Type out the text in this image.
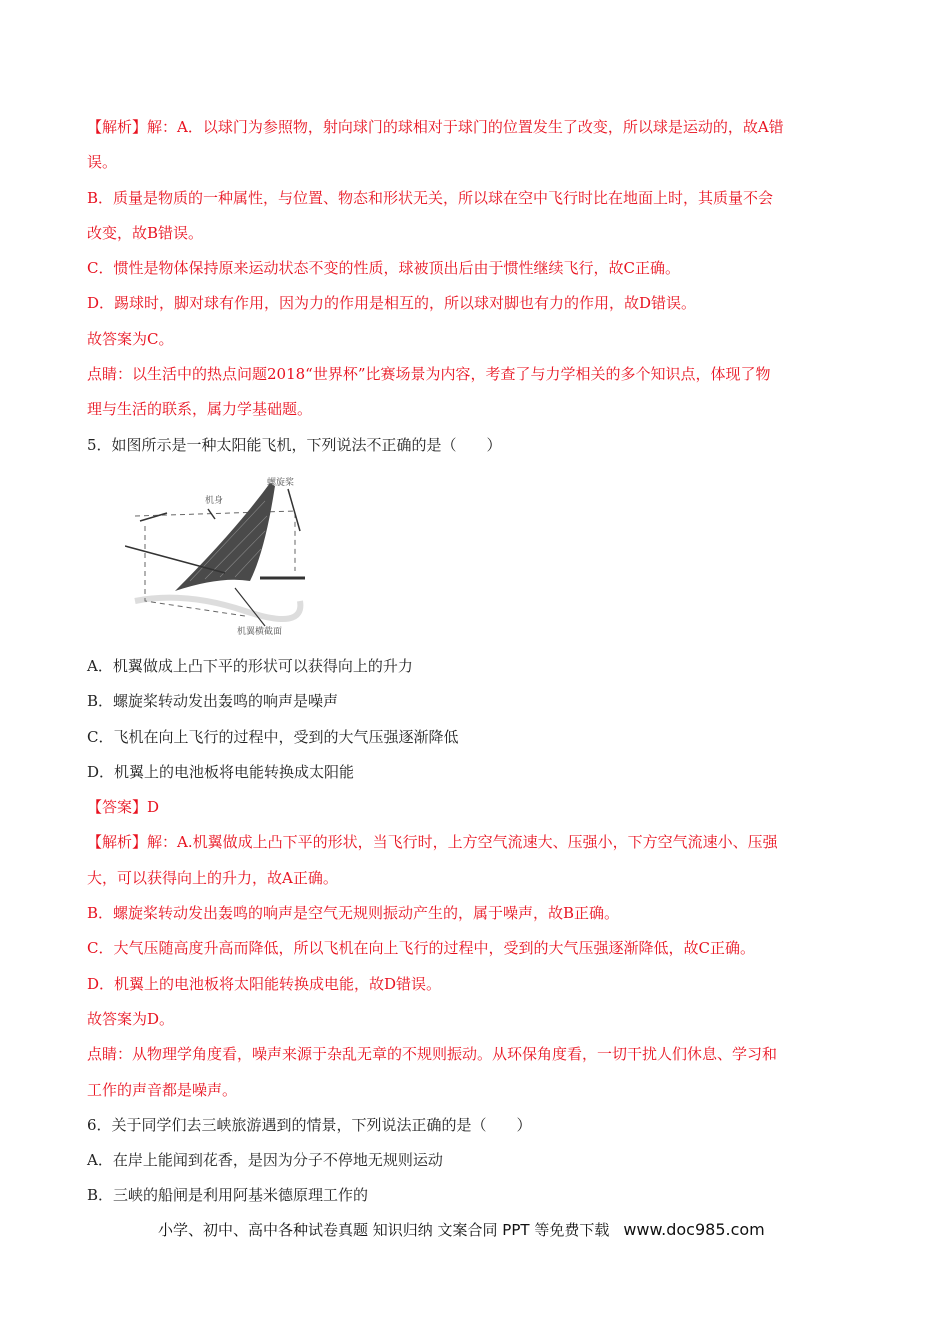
【解析】解：A．以球门为参照物，射向球门的球相对于球门的位置发生了改变，所以球是运动的，故A错
误。
B．质量是物质的一种属性，与位置、物态和形状无关，所以球在空中飞行时比在地面上时，其质量不会
改变，故B错误。
C．惯性是物体保持原来运动状态不变的性质，球被顶出后由于惯性继续飞行，故C正确。
D．踢球时，脚对球有作用，因为力的作用是相互的，所以球对脚也有力的作用，故D错误。
故答案为C。
点睛：以生活中的热点问题2018“世界杯”比赛场景为内容，考查了与力学相关的多个知识点，体现了物
理与生活的联系，属力学基础题。
5．如图所示是一种太阳能飞机，下列说法不正确的是（　　）
螺旋桨
机身
机翼横截面
A．机翼做成上凸下平的形状可以获得向上的升力
B．螺旋桨转动发出轰鸣的响声是噪声
C．飞机在向上飞行的过程中，受到的大气压强逐渐降低
D．机翼上的电池板将电能转换成太阳能
【答案】D
【解析】解：A.机翼做成上凸下平的形状，当飞行时，上方空气流速大、压强小，下方空气流速小、压强
大，可以获得向上的升力，故A正确。
B．螺旋桨转动发出轰鸣的响声是空气无规则振动产生的，属于噪声，故B正确。
C．大气压随高度升高而降低，所以飞机在向上飞行的过程中，受到的大气压强逐渐降低，故C正确。
D．机翼上的电池板将太阳能转换成电能，故D错误。
故答案为D。
点睛：从物理学角度看，噪声来源于杂乱无章的不规则振动。从环保角度看，一切干扰人们休息、学习和
工作的声音都是噪声。
6．关于同学们去三峡旅游遇到的情景，下列说法正确的是（　　）
A．在岸上能闻到花香，是因为分子不停地无规则运动
B．三峡的船闸是利用阿基米德原理工作的
小学、初中、高中各种试卷真题 知识归纳 文案合同 PPT 等免费下载 www.doc985.com
